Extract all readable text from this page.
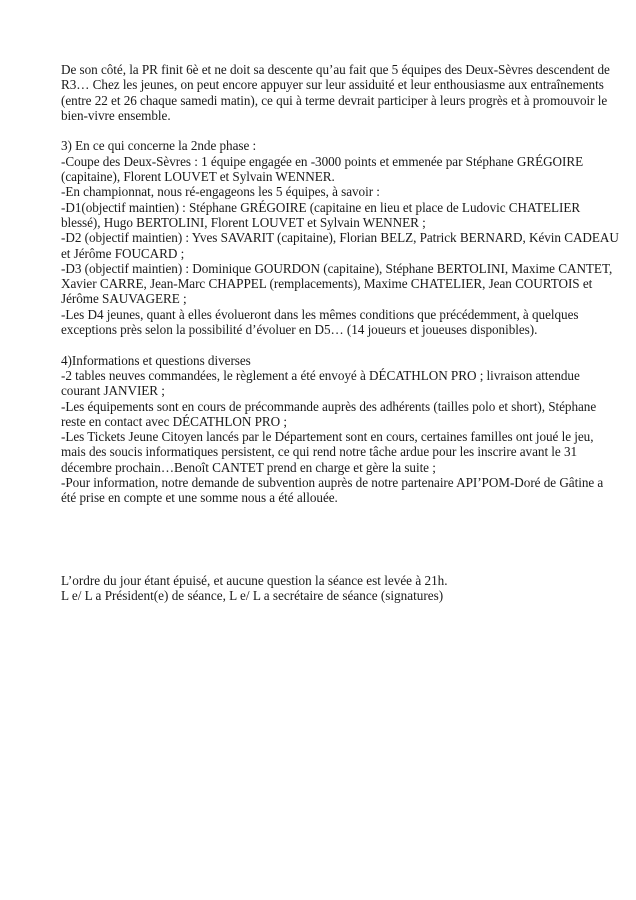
De son côté, la PR finit 6è et ne doit sa descente qu’au fait que 5 équipes des Deux-Sèvres descendent de
R3… Chez les jeunes, on peut encore appuyer sur leur assiduité et leur enthousiasme aux entraînements
(entre 22 et 26 chaque samedi matin), ce qui à terme devrait participer à leurs progrès et à promouvoir le
bien-vivre ensemble.
3) En ce qui concerne la 2nde phase :
-Coupe des Deux-Sèvres : 1 équipe engagée en -3000 points et emmenée par Stéphane GRÉGOIRE
(capitaine), Florent LOUVET et Sylvain WENNER.
-En championnat, nous ré-engageons les 5 équipes, à savoir :
-D1(objectif maintien) : Stéphane GRÉGOIRE (capitaine en lieu et place de Ludovic CHATELIER
blessé), Hugo BERTOLINI, Florent LOUVET et Sylvain WENNER ;
-D2 (objectif maintien) : Yves SAVARIT (capitaine), Florian BELZ, Patrick BERNARD, Kévin CADEAU
et Jérôme FOUCARD ;
-D3 (objectif maintien) : Dominique GOURDON (capitaine), Stéphane BERTOLINI, Maxime CANTET,
Xavier CARRE, Jean-Marc CHAPPEL (remplacements), Maxime CHATELIER, Jean COURTOIS et
Jérôme SAUVAGERE ;
-Les D4 jeunes, quant à elles évolueront dans les mêmes conditions que précédemment, à quelques
exceptions près selon la possibilité d’évoluer en D5… (14 joueurs et joueuses disponibles).
4)Informations et questions diverses
-2 tables neuves commandées, le règlement a été envoyé à DÉCATHLON PRO ; livraison attendue
courant JANVIER ;
-Les équipements sont en cours de précommande auprès des adhérents (tailles polo et short), Stéphane
reste en contact avec DÉCATHLON PRO ;
-Les Tickets Jeune Citoyen lancés par le Département sont en cours, certaines familles ont joué le jeu,
mais des soucis informatiques persistent, ce qui rend notre tâche ardue pour les inscrire avant le 31
décembre prochain…Benoît CANTET prend en charge et gère la suite ;
-Pour information, notre demande de subvention auprès de notre partenaire API’POM-Doré de Gâtine a
été prise en compte et une somme nous a été allouée.
L’ordre du jour étant épuisé, et aucune question la séance est levée à 21h.
L e/ L a Président(e) de séance, L e/ L a secrétaire de séance (signatures)
